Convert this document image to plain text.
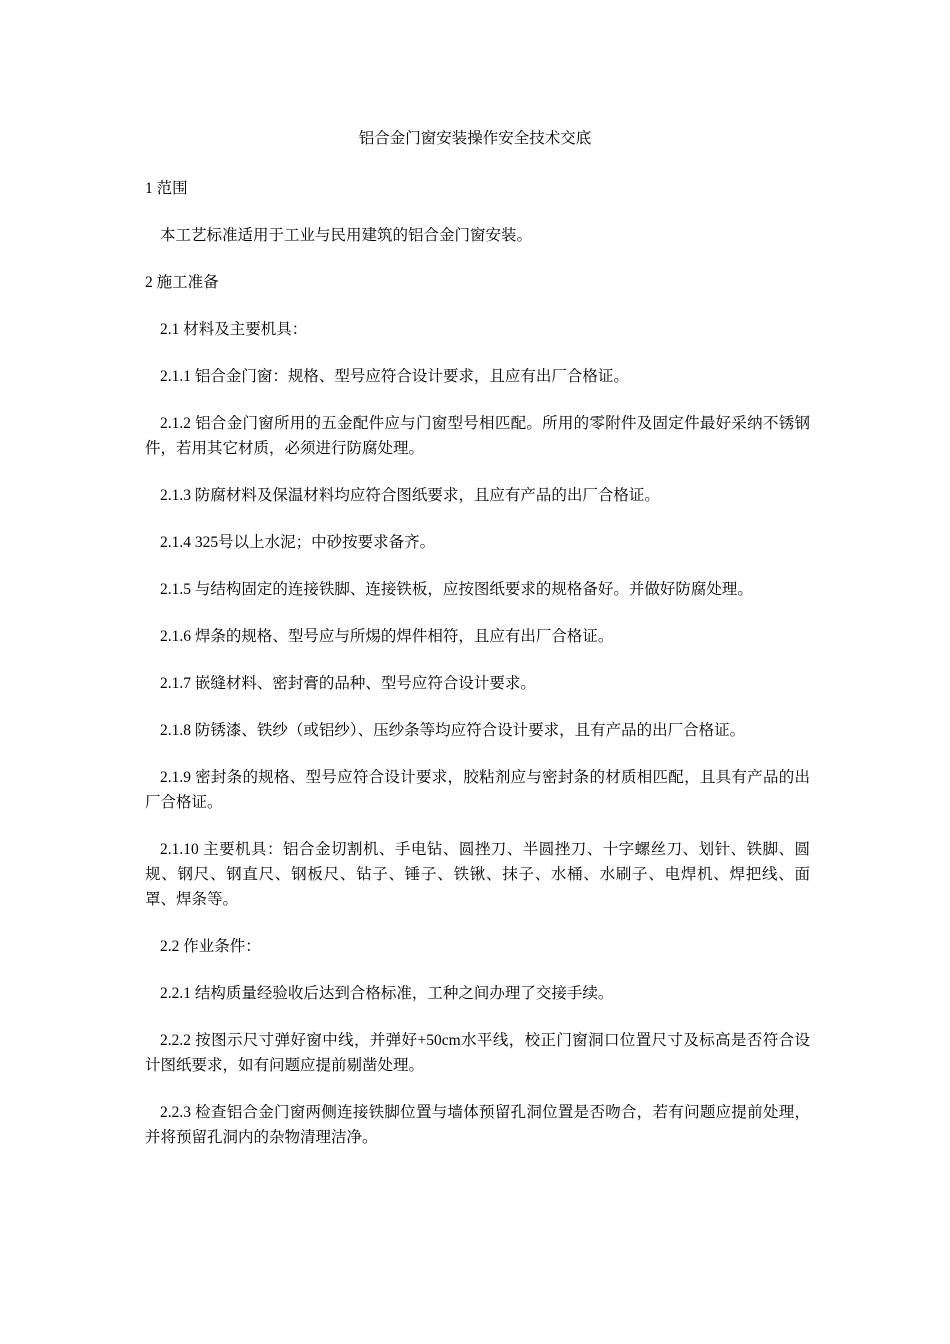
铝合金门窗安装操作安全技术交底

1 范围

本工艺标准适用于工业与民用建筑的铝合金门窗安装。

2 施工准备

2.1 材料及主要机具：

2.1.1 铝合金门窗：规格、型号应符合设计要求，且应有出厂合格证。

2.1.2 铝合金门窗所用的五金配件应与门窗型号相匹配。所用的零附件及固定件最好采纳不锈钢件，若用其它材质，必须进行防腐处理。

2.1.3 防腐材料及保温材料均应符合图纸要求，且应有产品的出厂合格证。

2.1.4 325号以上水泥；中砂按要求备齐。

2.1.5 与结构固定的连接铁脚、连接铁板，应按图纸要求的规格备好。并做好防腐处理。

2.1.6 焊条的规格、型号应与所焬的焊件相符，且应有出厂合格证。

2.1.7 嵌缝材料、密封膏的品种、型号应符合设计要求。

2.1.8 防锈漆、铁纱（或铝纱）、压纱条等均应符合设计要求，且有产品的出厂合格证。

2.1.9 密封条的规格、型号应符合设计要求，胶粘剂应与密封条的材质相匹配，且具有产品的出厂合格证。

2.1.10 主要机具：铝合金切割机、手电钻、圆挫刀、半圆挫刀、十字螺丝刀、划针、铁脚、圆规、钢尺、钢直尺、钢板尺、钻子、锤子、铁锹、抹子、水桶、水刷子、电焊机、焊把线、面罩、焊条等。

2.2 作业条件：

2.2.1 结构质量经验收后达到合格标准，工种之间办理了交接手续。

2.2.2 按图示尺寸弹好窗中线，并弹好+50cm水平线，校正门窗洞口位置尺寸及标高是否符合设计图纸要求，如有问题应提前剔凿处理。

2.2.3 检查铝合金门窗两侧连接铁脚位置与墙体预留孔洞位置是否吻合，若有问题应提前处理，并将预留孔洞内的杂物清理洁净。
